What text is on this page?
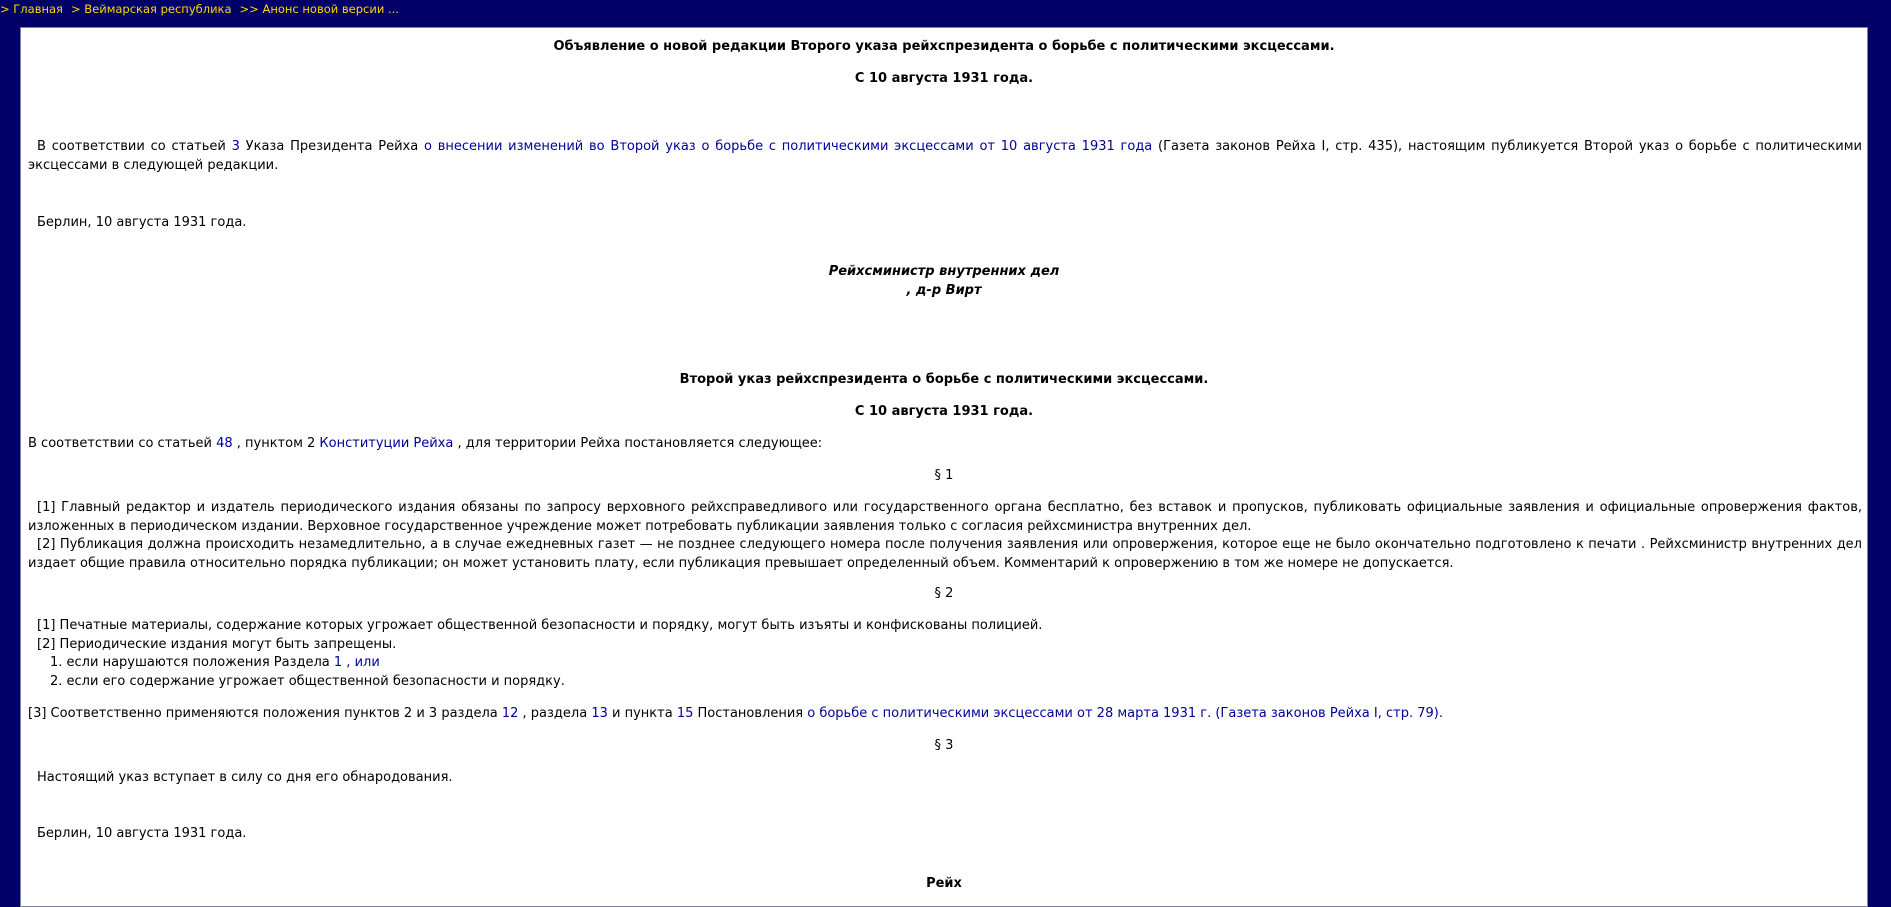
> Главная > Веймарская республика >> Анонс новой версии ...
Объявление о новой редакции Второго указа рейхспрезидента о борьбе с политическими эксцессами.
С 10 августа 1931 года.
В соответствии со статьей 3 Указа Президента Рейха о внесении изменений во Второй указ о борьбе с политическими эксцессами от 10 августа 1931 года (Газета законов Рейха I, стр. 435), настоящим публикуется Второй указ о борьбе с политическими эксцессами в следующей редакции.
Берлин, 10 августа 1931 года.
Рейхсминистр внутренних дел
, д-р Вирт
Второй указ рейхспрезидента о борьбе с политическими эксцессами.
С 10 августа 1931 года.
В соответствии со статьей 48 , пунктом 2 Конституции Рейха , для территории Рейха постановляется следующее:
§ 1
[1] Главный редактор и издатель периодического издания обязаны по запросу верховного рейхсправедливого или государственного органа бесплатно, без вставок и пропусков, публиковать официальные заявления и официальные опровержения фактов, изложенных в периодическом издании. Верховное государственное учреждение может потребовать публикации заявления только с согласия рейхсминистра внутренних дел.
[2] Публикация должна происходить незамедлительно, а в случае ежедневных газет — не позднее следующего номера после получения заявления или опровержения, которое еще не было окончательно подготовлено к печати . Рейхсминистр внутренних дел издает общие правила относительно порядка публикации; он может установить плату, если публикация превышает определенный объем. Комментарий к опровержению в том же номере не допускается.
§ 2
[1] Печатные материалы, содержание которых угрожает общественной безопасности и порядку, могут быть изъяты и конфискованы полицией.
[2] Периодические издания могут быть запрещены.
1. если нарушаются положения Раздела 1 , или
2. если его содержание угрожает общественной безопасности и порядку.
[3] Соответственно применяются положения пунктов 2 и 3 раздела 12 , раздела 13 и пункта 15 Постановления о борьбе с политическими эксцессами от 28 марта 1931 г. (Газета законов Рейха I, стр. 79).
§ 3
Настоящий указ вступает в силу со дня его обнародования.
Берлин, 10 августа 1931 года.
Рейх
